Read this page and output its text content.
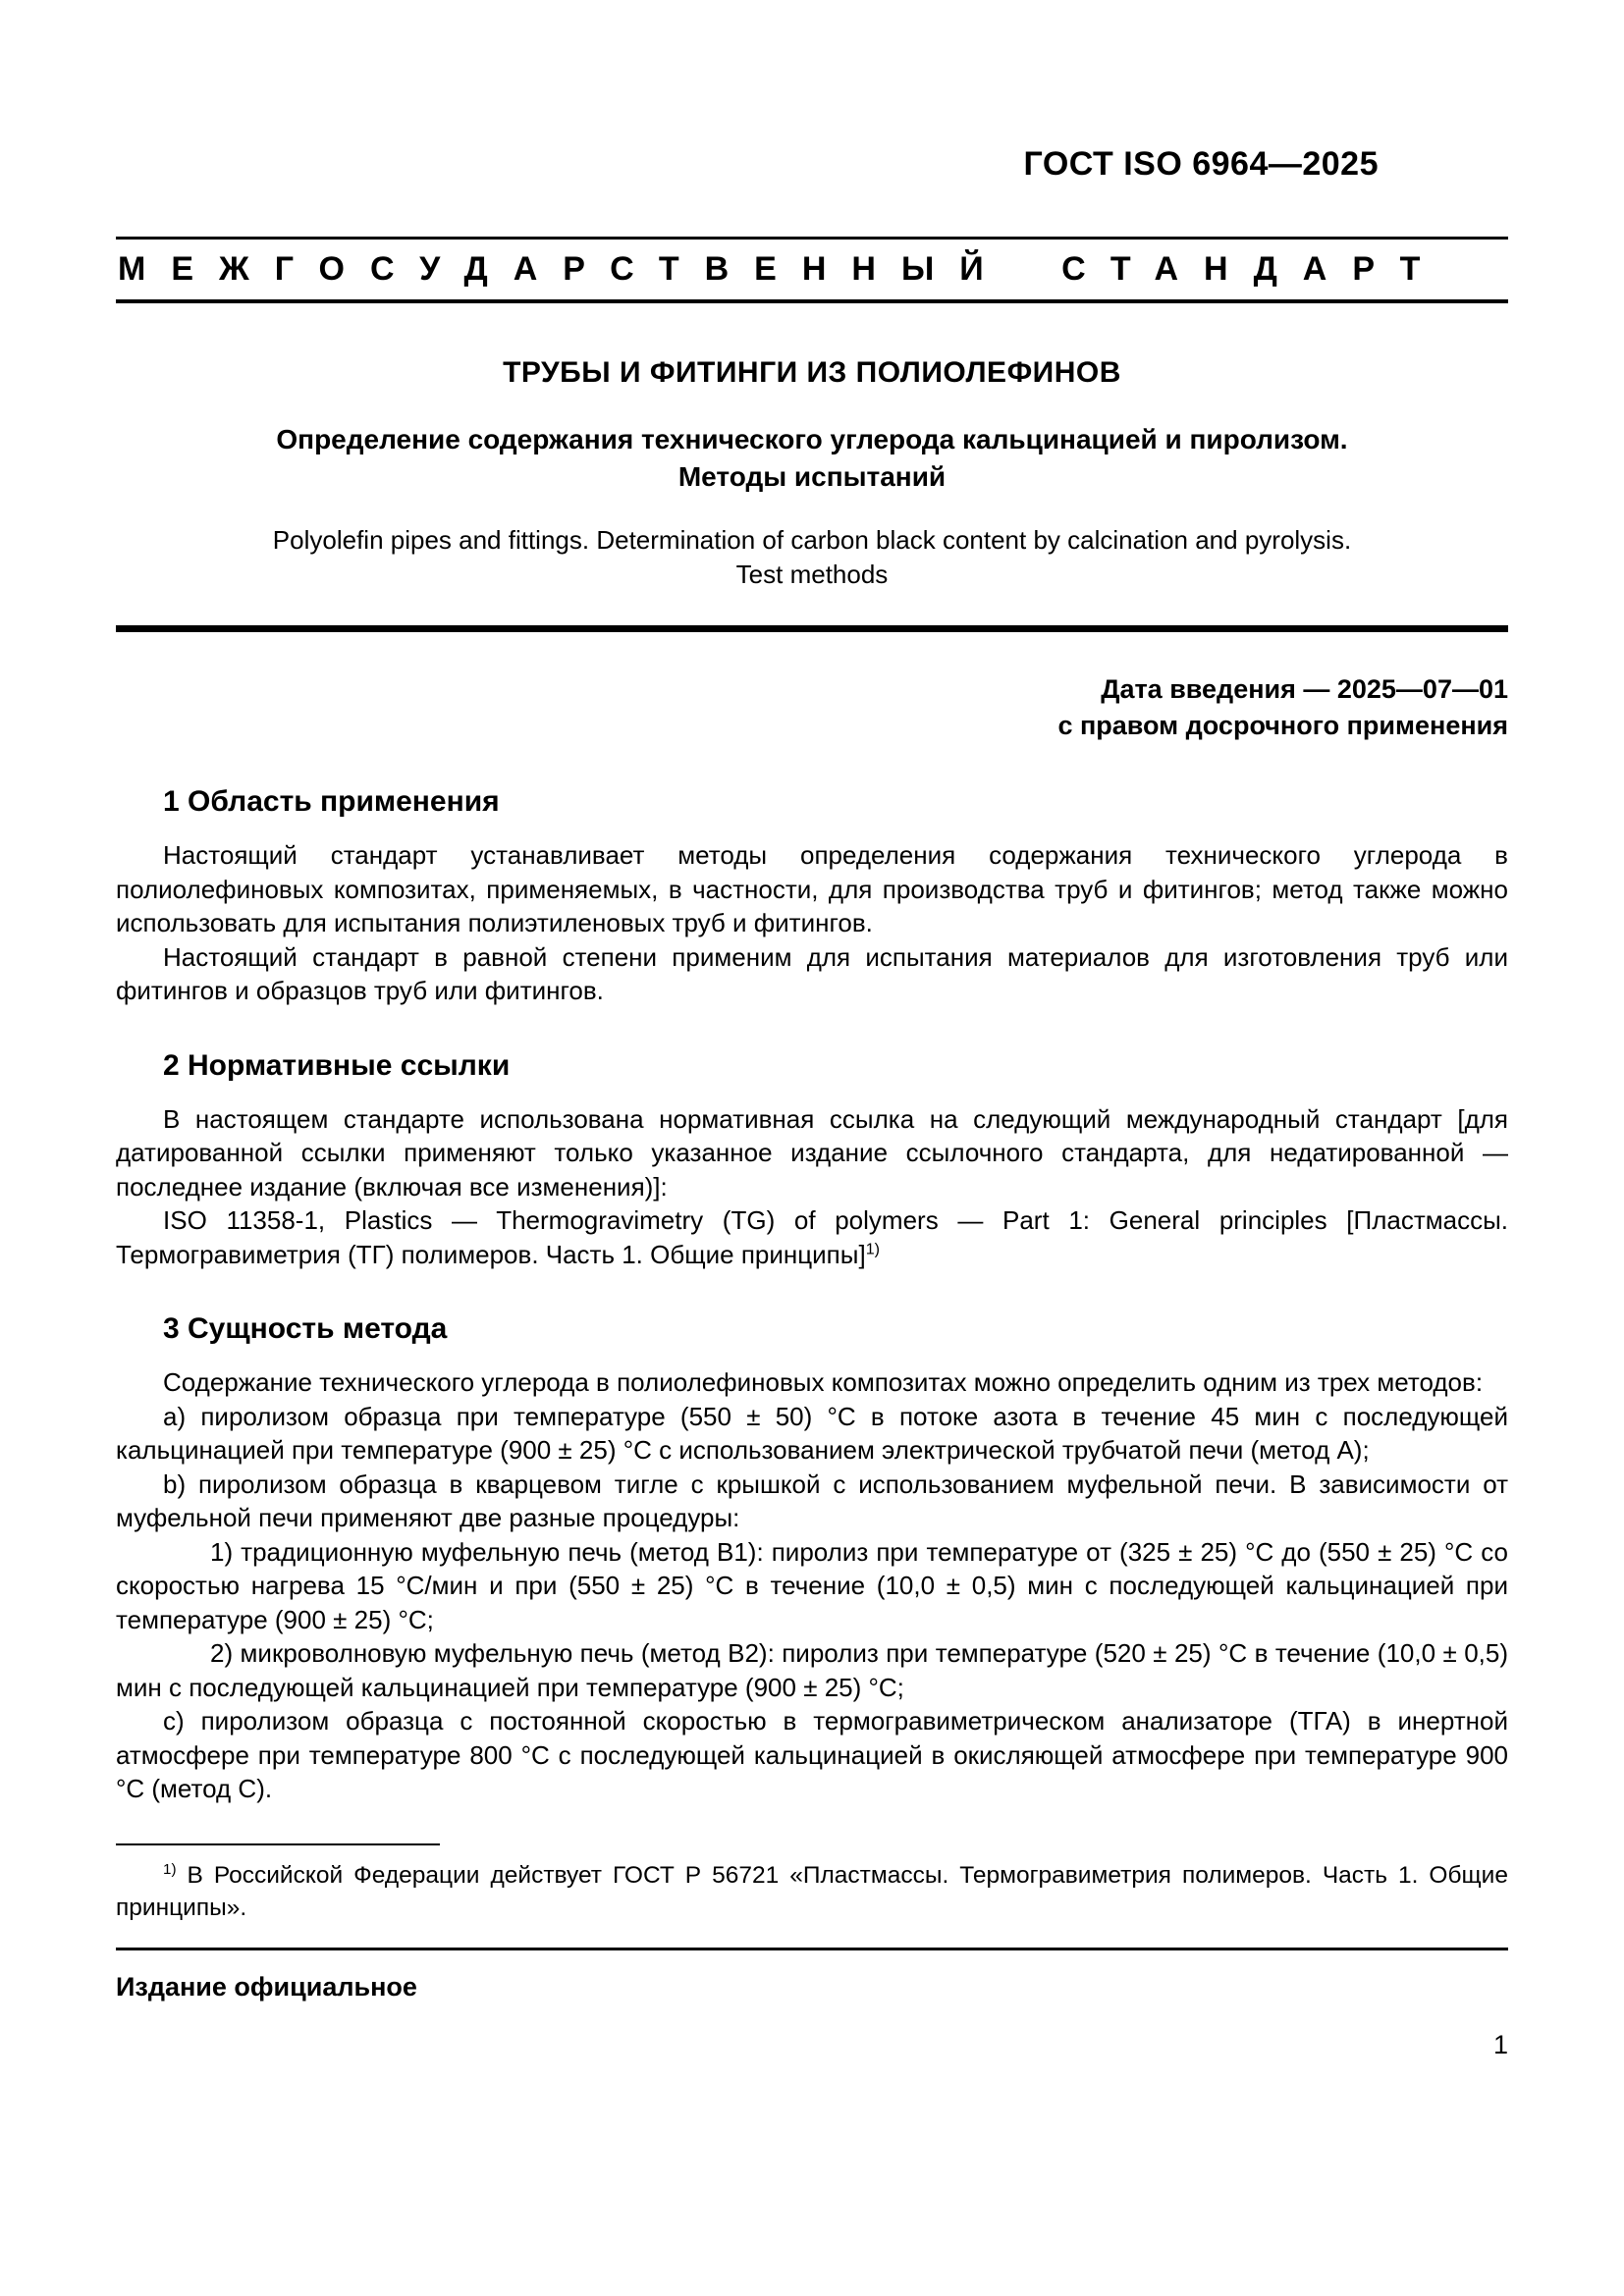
ГОСТ ISO 6964—2025
МЕЖГОСУДАРСТВЕННЫЙ СТАНДАРТ
ТРУБЫ И ФИТИНГИ ИЗ ПОЛИОЛЕФИНОВ
Определение содержания технического углерода кальцинацией и пиролизом.
Методы испытаний
Polyolefin pipes and fittings. Determination of carbon black content by calcination and pyrolysis.
Test methods
Дата введения — 2025—07—01
с правом досрочного применения
1 Область применения

Настоящий стандарт устанавливает методы определения содержания технического углерода в полиолефиновых композитах, применяемых, в частности, для производства труб и фитингов; метод также можно использовать для испытания полиэтиленовых труб и фитингов.

Настоящий стандарт в равной степени применим для испытания материалов для изготовления труб или фитингов и образцов труб или фитингов.

2 Нормативные ссылки

В настоящем стандарте использована нормативная ссылка на следующий международный стандарт [для датированной ссылки применяют только указанное издание ссылочного стандарта, для недатированной — последнее издание (включая все изменения)]:

ISO 11358-1, Plastics — Thermogravimetry (TG) of polymers — Part 1: General principles [Пластмассы. Термогравиметрия (ТГ) полимеров. Часть 1. Общие принципы]$^{1)}$

3 Сущность метода

Содержание технического углерода в полиолефиновых композитах можно определить одним из трех методов:

a) пиролизом образца при температуре (550 ± 50) °С в потоке азота в течение 45 мин с последующей кальцинацией при температуре (900 ± 25) °С с использованием электрической трубчатой печи (метод А);

b) пиролизом образца в кварцевом тигле с крышкой с использованием муфельной печи. В зависимости от муфельной печи применяют две разные процедуры:

1) традиционную муфельную печь (метод В1): пиролиз при температуре от (325 ± 25) °С до (550 ± 25) °С со скоростью нагрева 15 °С/мин и при (550 ± 25) °С в течение (10,0 ± 0,5) мин с последующей кальцинацией при температуре (900 ± 25) °С;

2) микроволновую муфельную печь (метод В2): пиролиз при температуре (520 ± 25) °С в течение (10,0 ± 0,5) мин с последующей кальцинацией при температуре (900 ± 25) °С;

c) пиролизом образца с постоянной скоростью в термогравиметрическом анализаторе (ТГА) в инертной атмосфере при температуре 800 °С с последующей кальцинацией в окисляющей атмосфере при температуре 900 °С (метод С).

$^{1)}$ В Российской Федерации действует ГОСТ Р 56721 «Пластмассы. Термогравиметрия полимеров. Часть 1. Общие принципы».

Издание официальное
1
